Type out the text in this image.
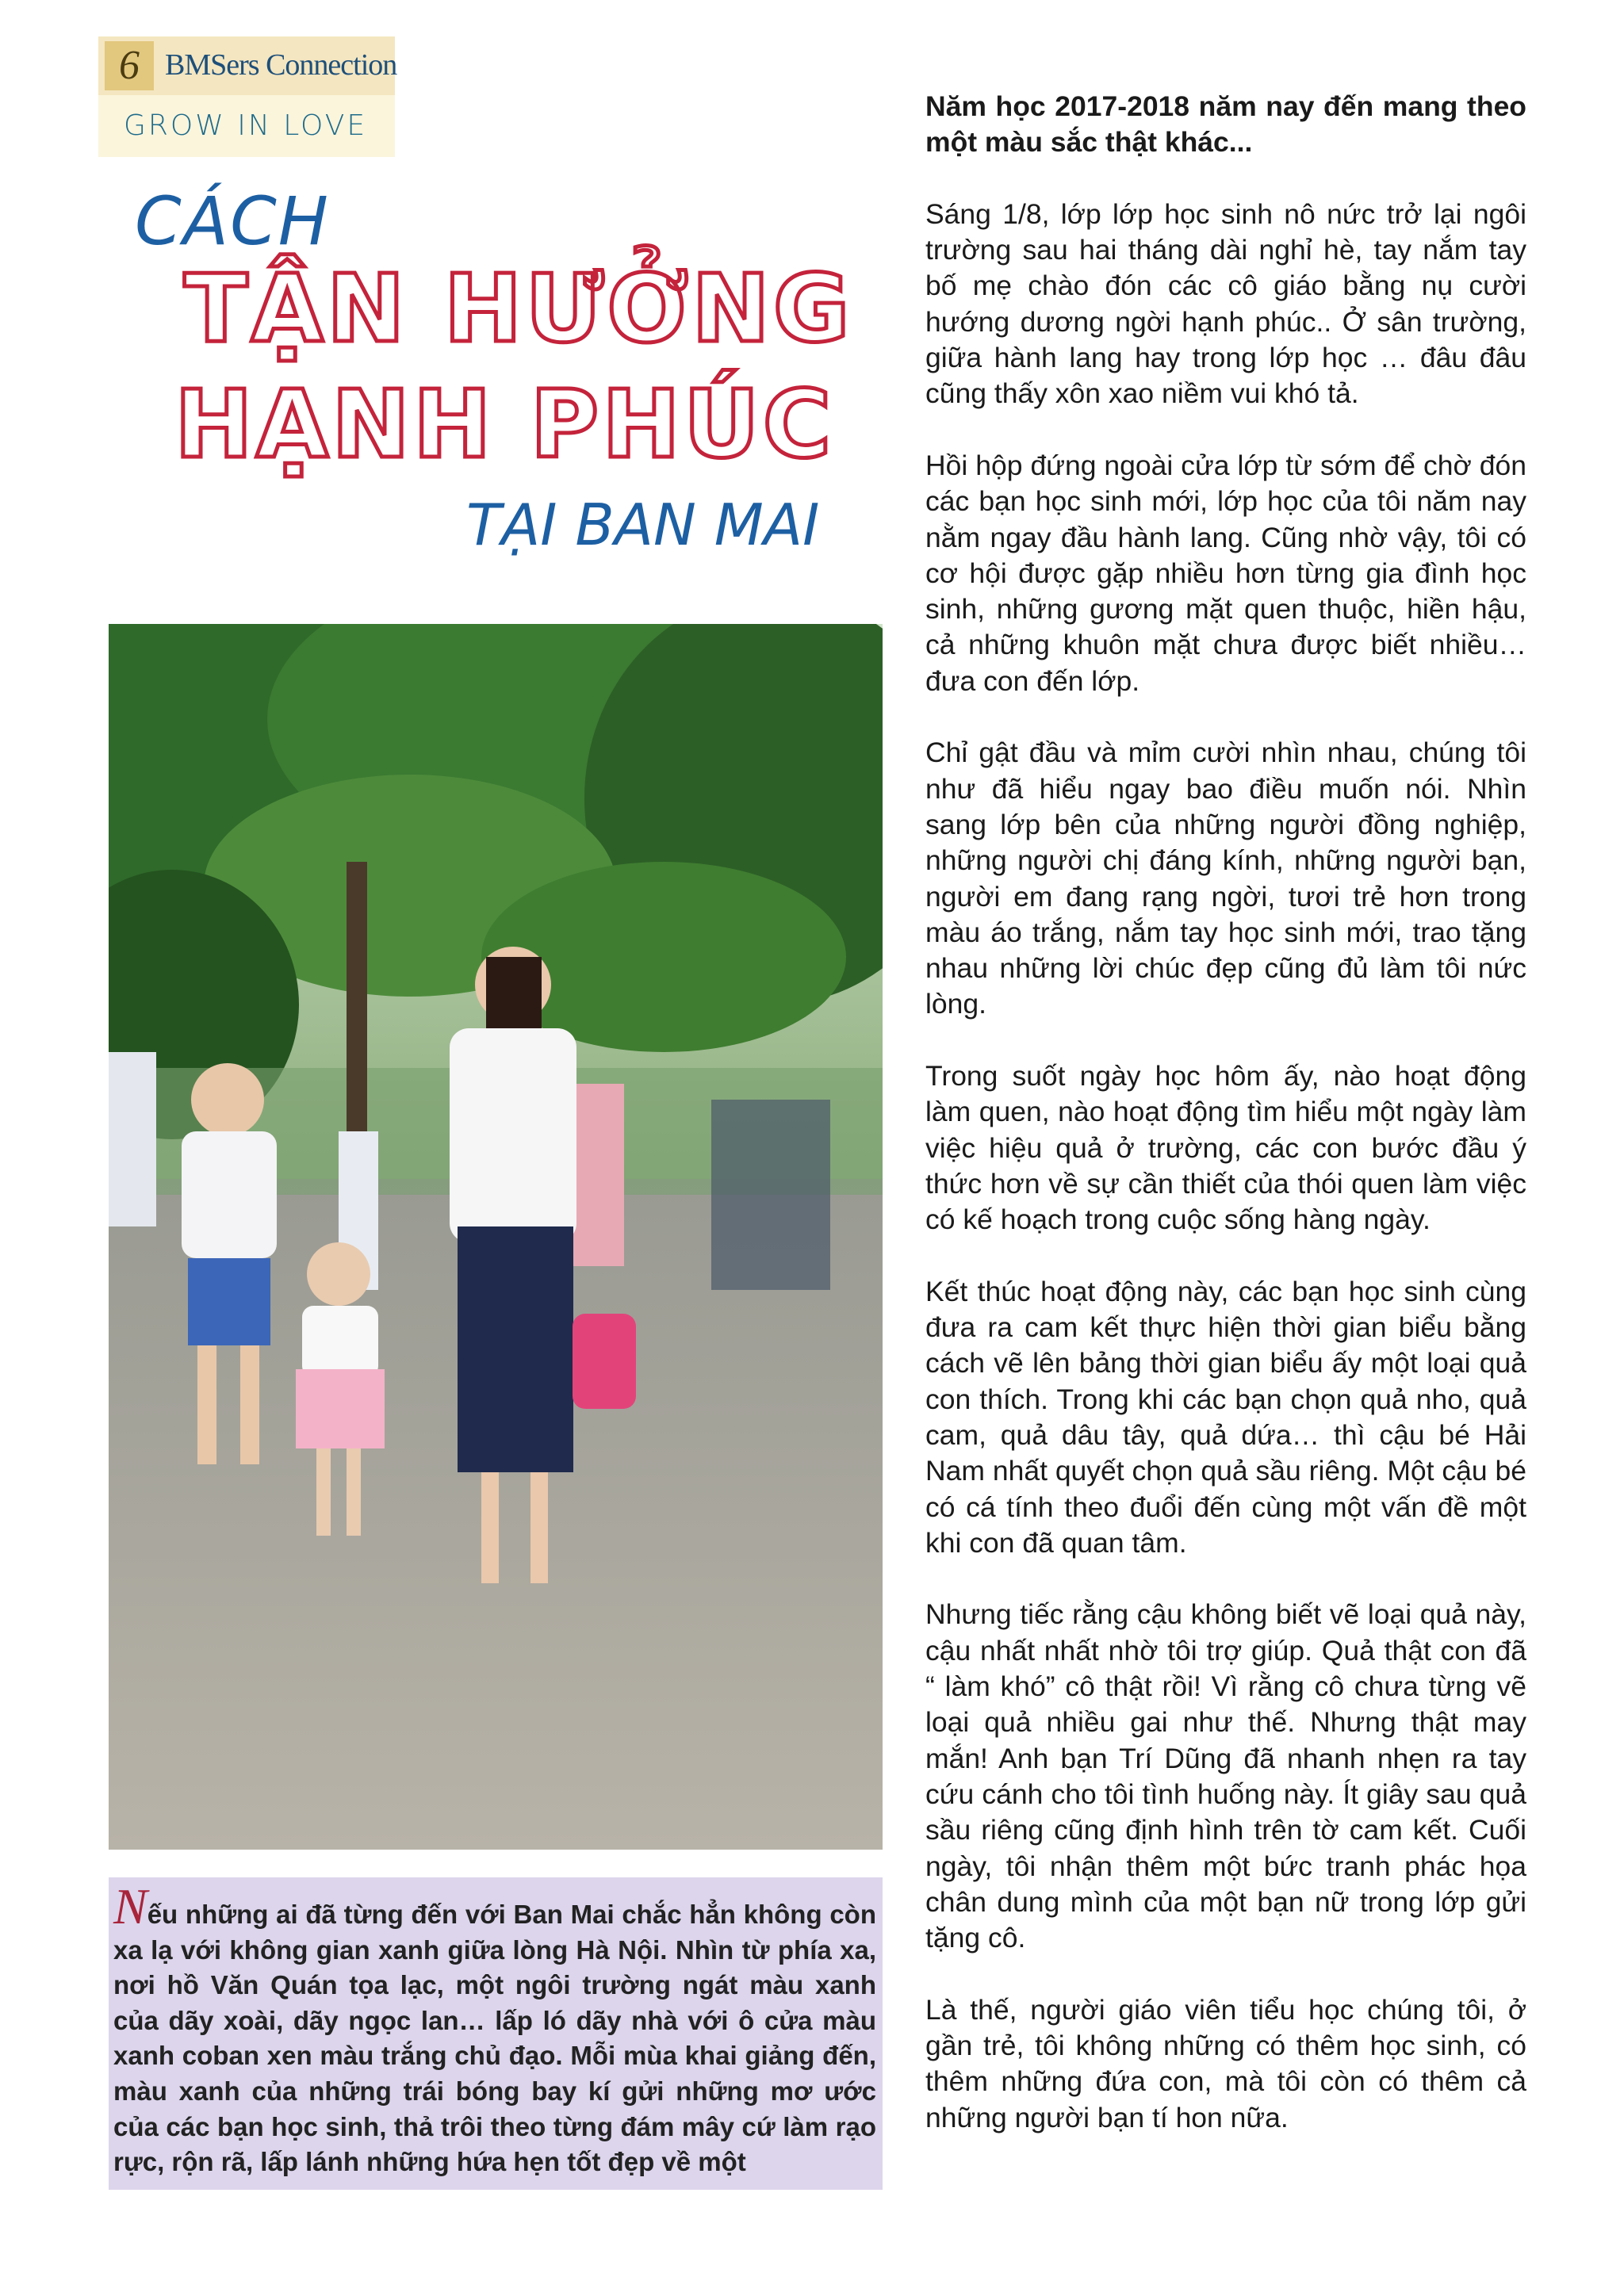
6 BMSers Connection
GROW IN LOVE
CÁCH
TẬN HƯỞNG
HẠNH PHÚC
TẠI BAN MAI
Nếu những ai đã từng đến với Ban Mai chắc hẳn không còn xa lạ với không gian xanh giữa lòng Hà Nội. Nhìn từ phía xa, nơi hồ Văn Quán tọa lạc, một ngôi trường ngát màu xanh của dãy xoài, dãy ngọc lan… lấp ló dãy nhà với ô cửa màu xanh coban xen màu trắng chủ đạo. Mỗi mùa khai giảng đến, màu xanh của những trái bóng bay kí gửi những mơ ước của các bạn học sinh, thả trôi theo từng đám mây cứ làm rạo rực, rộn rã, lấp lánh những hứa hẹn tốt đẹp về một

Năm học 2017-2018 năm nay đến mang theo một màu sắc thật khác...

Sáng 1/8, lớp lớp học sinh nô nức trở lại ngôi trường sau hai tháng dài nghỉ hè, tay nắm tay bố mẹ chào đón các cô giáo bằng nụ cười hướng dương ngời hạnh phúc.. Ở sân trường, giữa hành lang hay trong lớp học … đâu đâu cũng thấy xôn xao niềm vui khó tả.

Hồi hộp đứng ngoài cửa lớp từ sớm để chờ đón các bạn học sinh mới, lớp học của tôi năm nay nằm ngay đầu hành lang. Cũng nhờ vậy, tôi có cơ hội được gặp nhiều hơn từng gia đình học sinh, những gương mặt quen thuộc, hiền hậu, cả những khuôn mặt chưa được biết nhiều… đưa con đến lớp.

Chỉ gật đầu và mỉm cười nhìn nhau, chúng tôi như đã hiểu ngay bao điều muốn nói. Nhìn sang lớp bên của những người đồng nghiệp, những người chị đáng kính, những người bạn, người em đang rạng ngời, tươi trẻ hơn trong màu áo trắng, nắm tay học sinh mới, trao tặng nhau những lời chúc đẹp cũng đủ làm tôi nức lòng.

Trong suốt ngày học hôm ấy, nào hoạt động làm quen, nào hoạt động tìm hiểu một ngày làm việc hiệu quả ở trường, các con bước đầu ý thức hơn về sự cần thiết của thói quen làm việc có kế hoạch trong cuộc sống hàng ngày.

Kết thúc hoạt động này, các bạn học sinh cùng đưa ra cam kết thực hiện thời gian biểu bằng cách vẽ lên bảng thời gian biểu ấy một loại quả con thích. Trong khi các bạn chọn quả nho, quả cam, quả dâu tây, quả dứa… thì cậu bé Hải Nam nhất quyết chọn quả sầu riêng. Một cậu bé có cá tính theo đuổi đến cùng một vấn đề một khi con đã quan tâm.

Nhưng tiếc rằng cậu không biết vẽ loại quả này, cậu nhất nhất nhờ tôi trợ giúp. Quả thật con đã “ làm khó” cô thật rồi! Vì rằng cô chưa từng vẽ loại quả nhiều gai như thế. Nhưng thật may mắn! Anh bạn Trí Dũng đã nhanh nhẹn ra tay cứu cánh cho tôi tình huống này. Ít giây sau quả sầu riêng cũng định hình trên tờ cam kết. Cuối ngày, tôi nhận thêm một bức tranh phác họa chân dung mình của một bạn nữ trong lớp gửi tặng cô.

Là thế, người giáo viên tiểu học chúng tôi, ở gần trẻ, tôi không những có thêm học sinh, có thêm những đứa con, mà tôi còn có thêm cả những người bạn tí hon nữa.
